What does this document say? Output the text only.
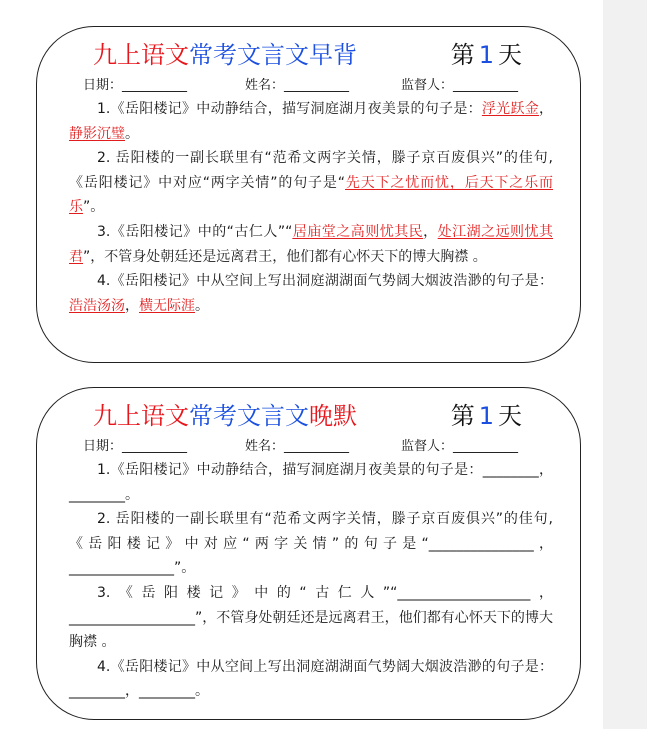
九上语文常考文言文早背	第 1 天
日期：__________	姓名：__________	监督人：__________

1.《岳阳楼记》中动静结合，描写洞庭湖月夜美景的句子是：浮光跃金，静影沉璧。

2. 岳阳楼的一副长联里有“范希文两字关情，滕子京百废俱兴”的佳句,《岳阳楼记》中对应“两字关情”的句子是“先天下之忧而忧，后天下之乐而乐”。

3.《岳阳楼记》中的“古仁人”“居庙堂之高则忧其民，处江湖之远则忧其君”，不管身处朝廷还是远离君王，他们都有心怀天下的博大胸襟 。

4.《岳阳楼记》中从空间上写出洞庭湖湖面气势阔大烟波浩渺的句子是：浩浩汤汤，横无际涯。

九上语文常考文言文晚默	第 1 天
日期：__________	姓名：__________	监督人：__________

1.《岳阳楼记》中动静结合，描写洞庭湖月夜美景的句子是：________，________。

2. 岳阳楼的一副长联里有“范希文两字关情，滕子京百废俱兴”的佳句,《岳阳楼记》中对应“两字关情”的句子是“_______________，_______________”。

3.《岳阳楼记》中的“古仁人”“___________________，__________________”，不管身处朝廷还是远离君王，他们都有心怀天下的博大胸襟 。

4.《岳阳楼记》中从空间上写出洞庭湖湖面气势阔大烟波浩渺的句子是：________，________。
